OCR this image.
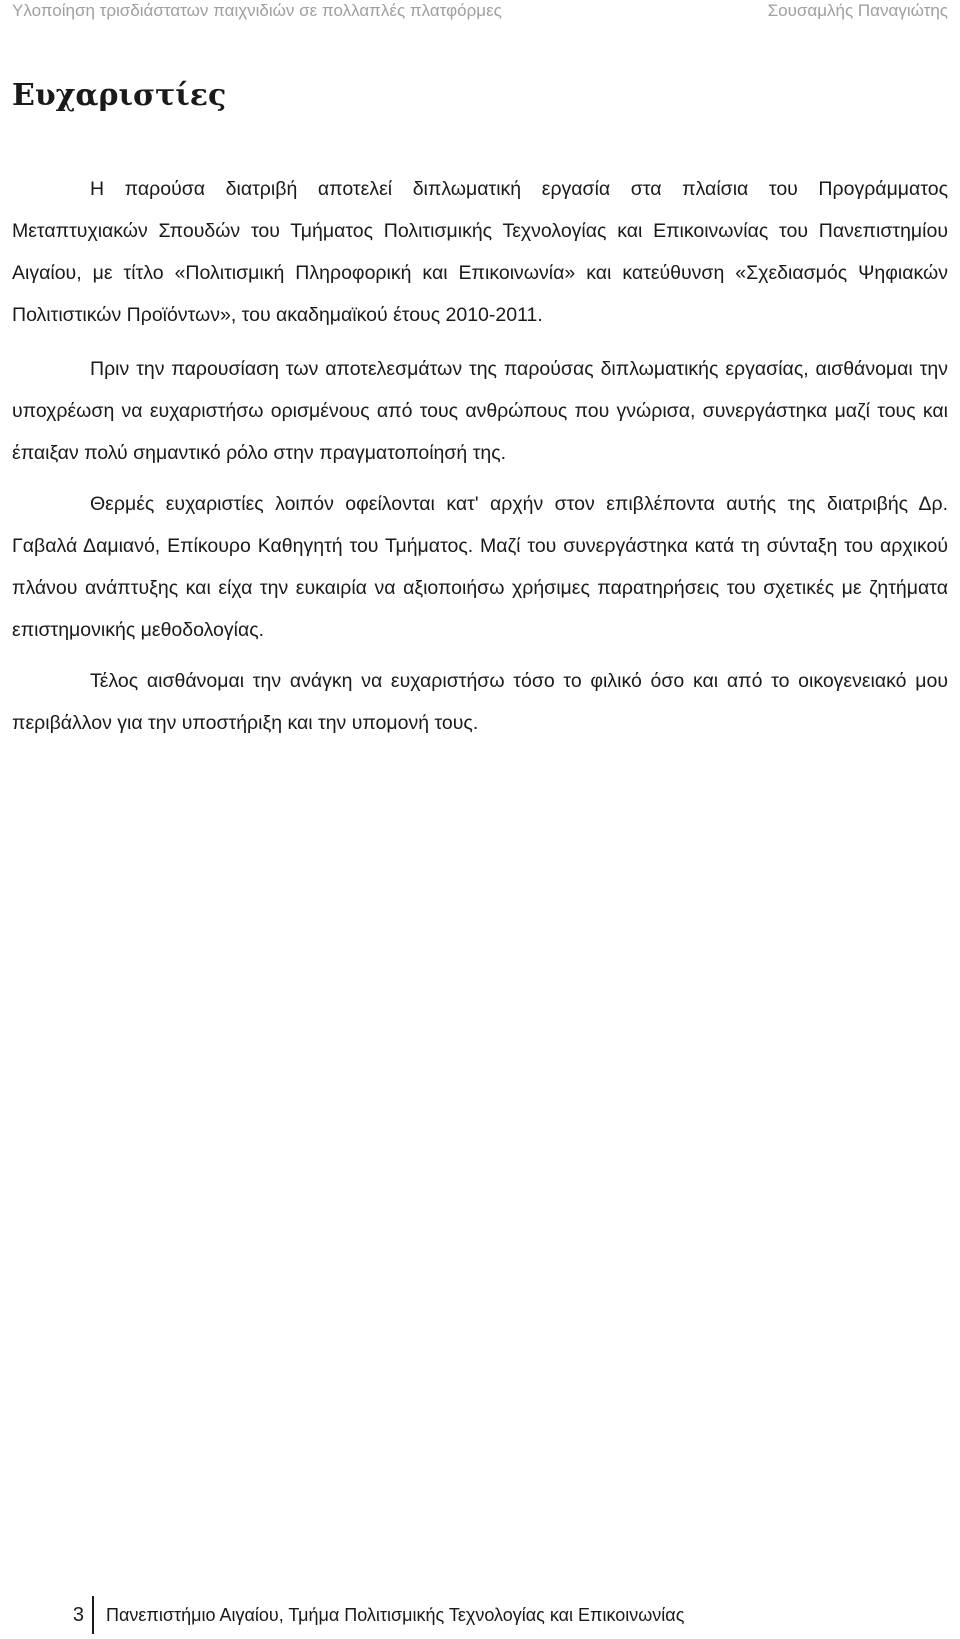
Υλοποίηση τρισδιάστατων παιχνιδιών σε πολλαπλές πλατφόρμες	Σουσαμλής Παναγιώτης
Ευχαριστίες

Η παρούσα διατριβή αποτελεί διπλωματική εργασία στα πλαίσια του Προγράμματος Μεταπτυχιακών Σπουδών του Τμήματος Πολιτισμικής Τεχνολογίας και Επικοινωνίας του Πανεπιστημίου Αιγαίου, με τίτλο «Πολιτισμική Πληροφορική και Επικοινωνία» και κατεύθυνση «Σχεδιασμός Ψηφιακών Πολιτιστικών Προϊόντων», του ακαδημαϊκού έτους 2010-2011.

Πριν την παρουσίαση των αποτελεσμάτων της παρούσας διπλωματικής εργασίας, αισθάνομαι την υποχρέωση να ευχαριστήσω ορισμένους από τους ανθρώπους που γνώρισα, συνεργάστηκα μαζί τους και έπαιξαν πολύ σημαντικό ρόλο στην πραγματοποίησή της.

Θερμές ευχαριστίες λοιπόν οφείλονται κατ' αρχήν στον επιβλέποντα αυτής της διατριβής Δρ. Γαβαλά Δαμιανό, Επίκουρο Καθηγητή του Τμήματος. Μαζί του συνεργάστηκα κατά τη σύνταξη του αρχικού πλάνου ανάπτυξης και είχα την ευκαιρία να αξιοποιήσω χρήσιμες παρατηρήσεις του σχετικές με ζητήματα επιστημονικής μεθοδολογίας.

Τέλος αισθάνομαι την ανάγκη να ευχαριστήσω τόσο το φιλικό όσο και από το οικογενειακό μου περιβάλλον για την υποστήριξη και την υπομονή τους.

3	Πανεπιστήμιο Αιγαίου, Τμήμα Πολιτισμικής Τεχνολογίας και Επικοινωνίας
